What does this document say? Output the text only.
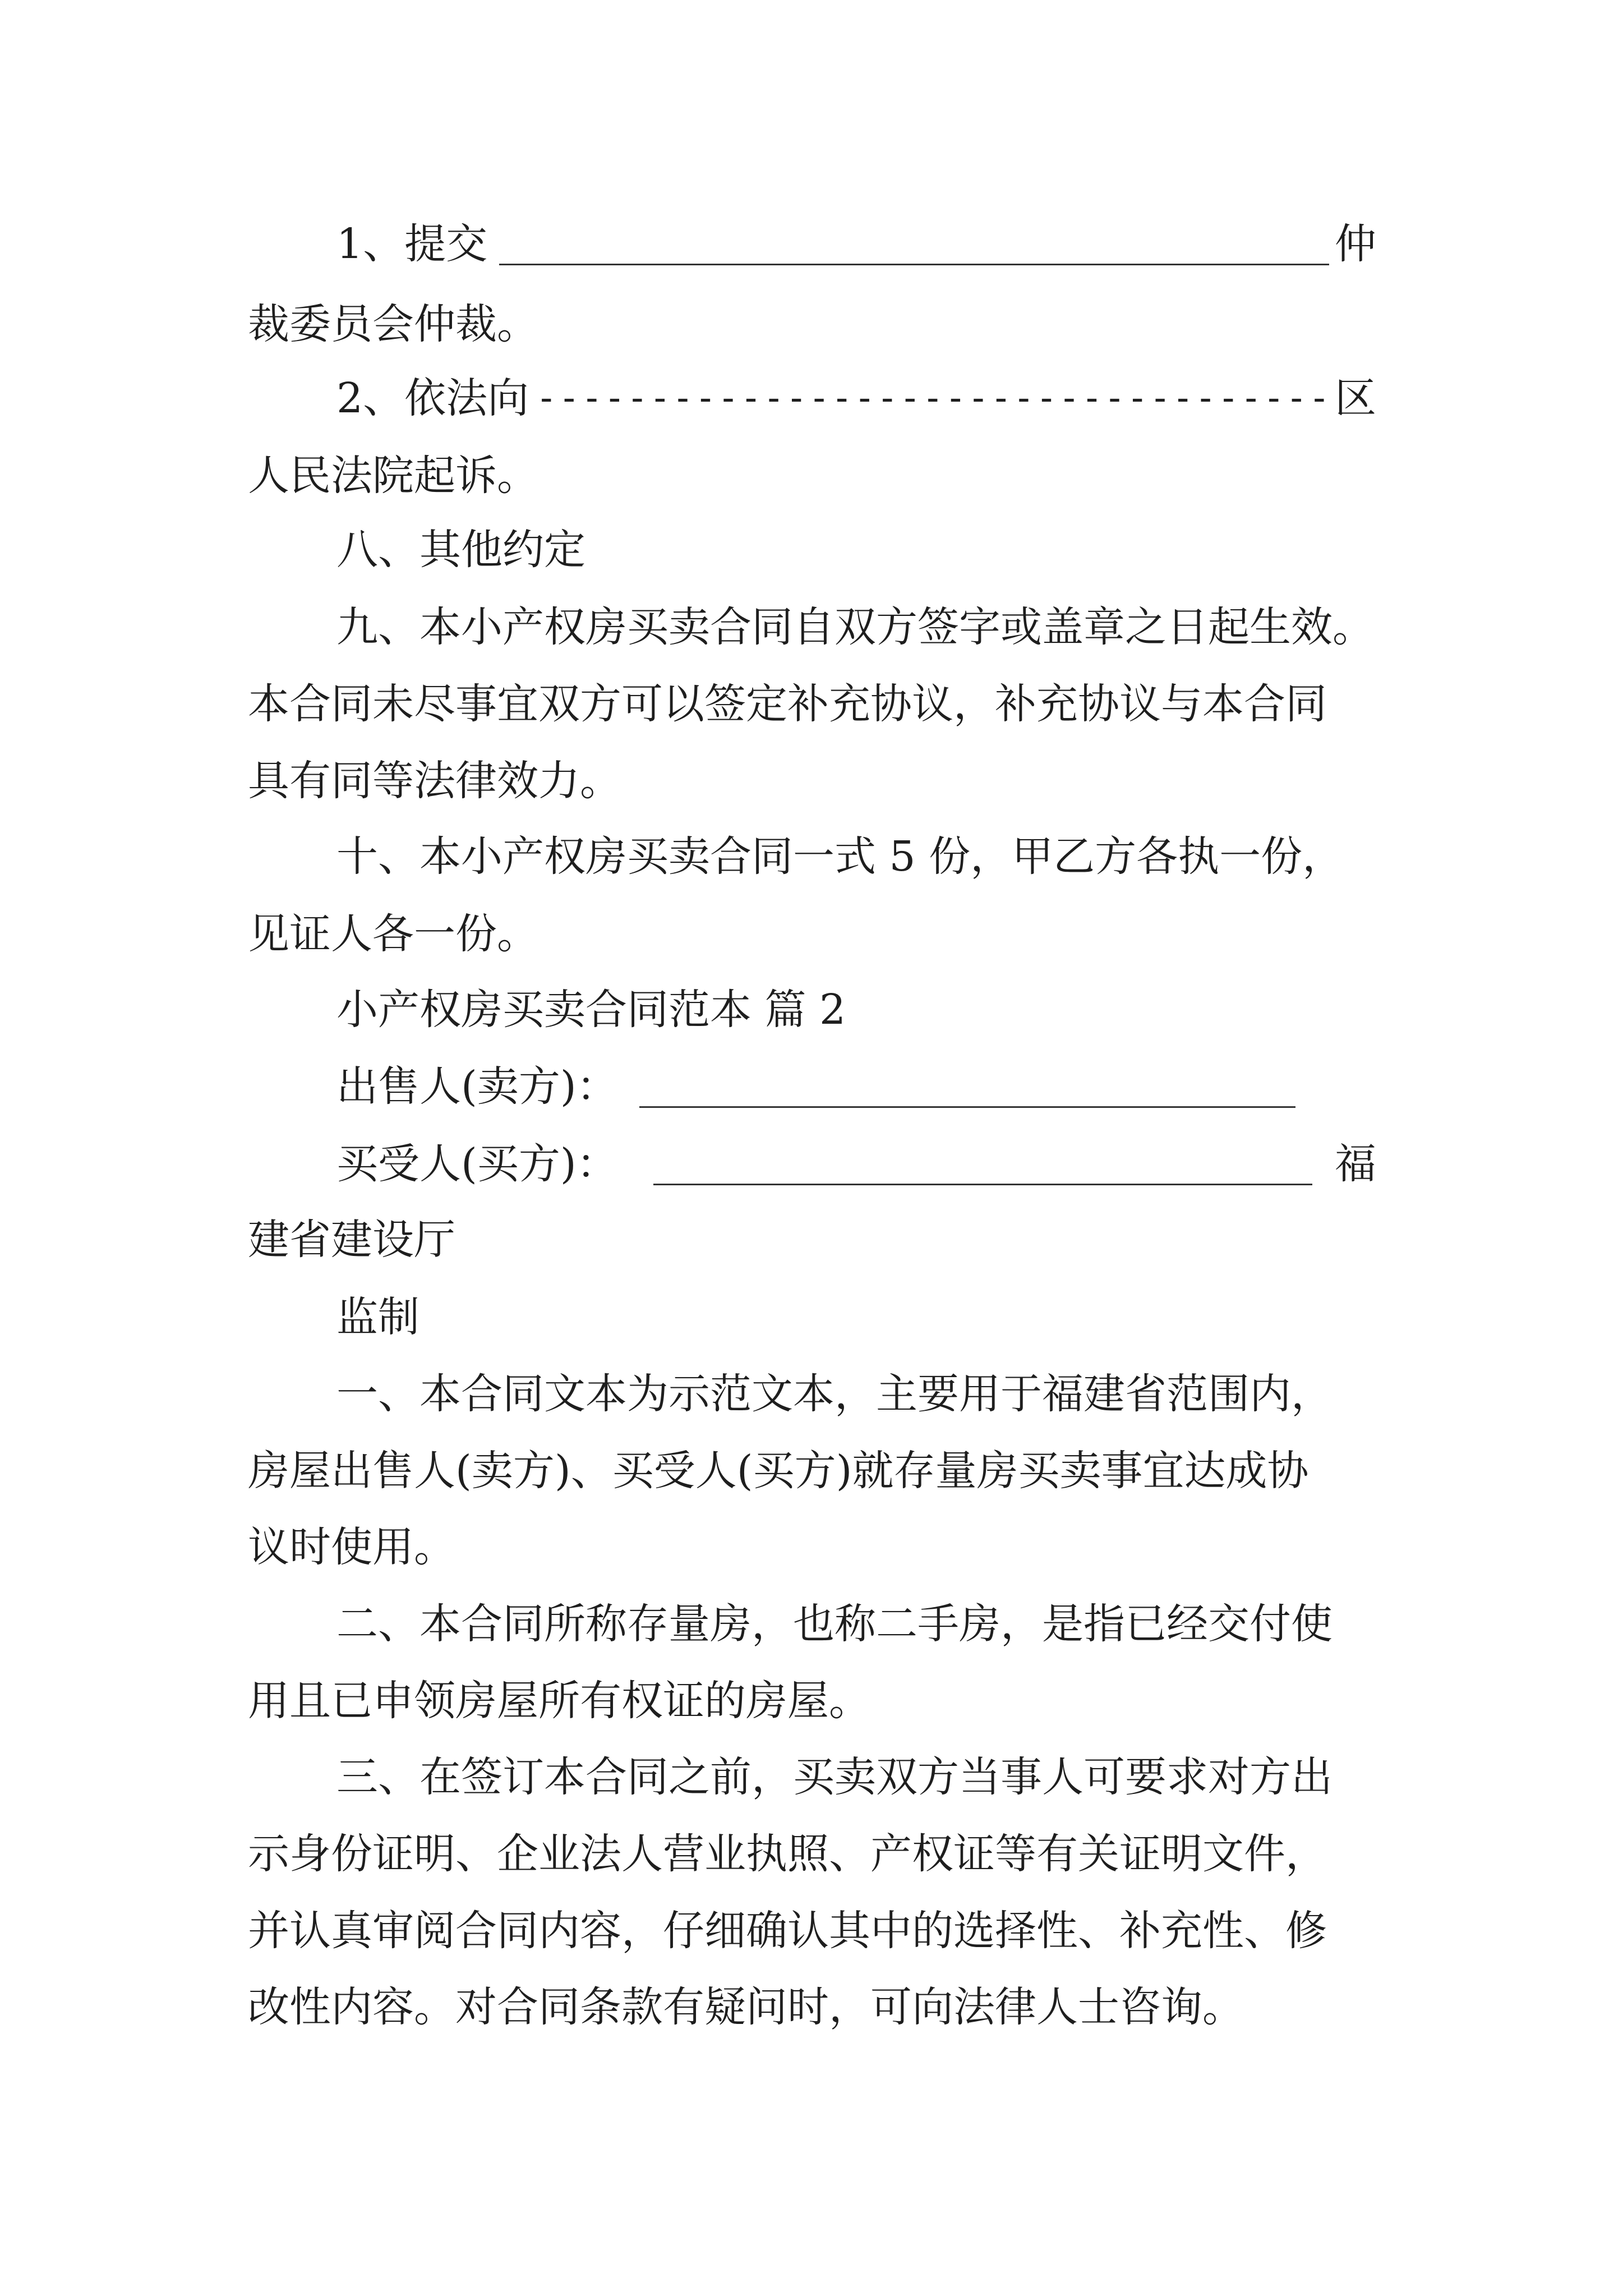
1、提交	仲
裁委员会仲裁。
2、依法向 ----------------------------------- 区
人民法院起诉。
八、其他约定
九、本小产权房买卖合同自双方签字或盖章之日起生效。
本合同未尽事宜双方可以签定补充协议，补充协议与本合同
具有同等法律效力。
十、本小产权房买卖合同一式 5 份，甲乙方各执一份，
见证人各一份。
小产权房买卖合同范本 篇 2
出售人(卖方)：
买受人(买方)：	福
建省建设厅
监制
一、本合同文本为示范文本，主要用于福建省范围内，
房屋出售人(卖方)、买受人(买方)就存量房买卖事宜达成协
议时使用。
二、本合同所称存量房，也称二手房，是指已经交付使
用且已申领房屋所有权证的房屋。
三、在签订本合同之前，买卖双方当事人可要求对方出
示身份证明、企业法人营业执照、产权证等有关证明文件，
并认真审阅合同内容，仔细确认其中的选择性、补充性、修
改性内容。对合同条款有疑问时，可向法律人士咨询。
